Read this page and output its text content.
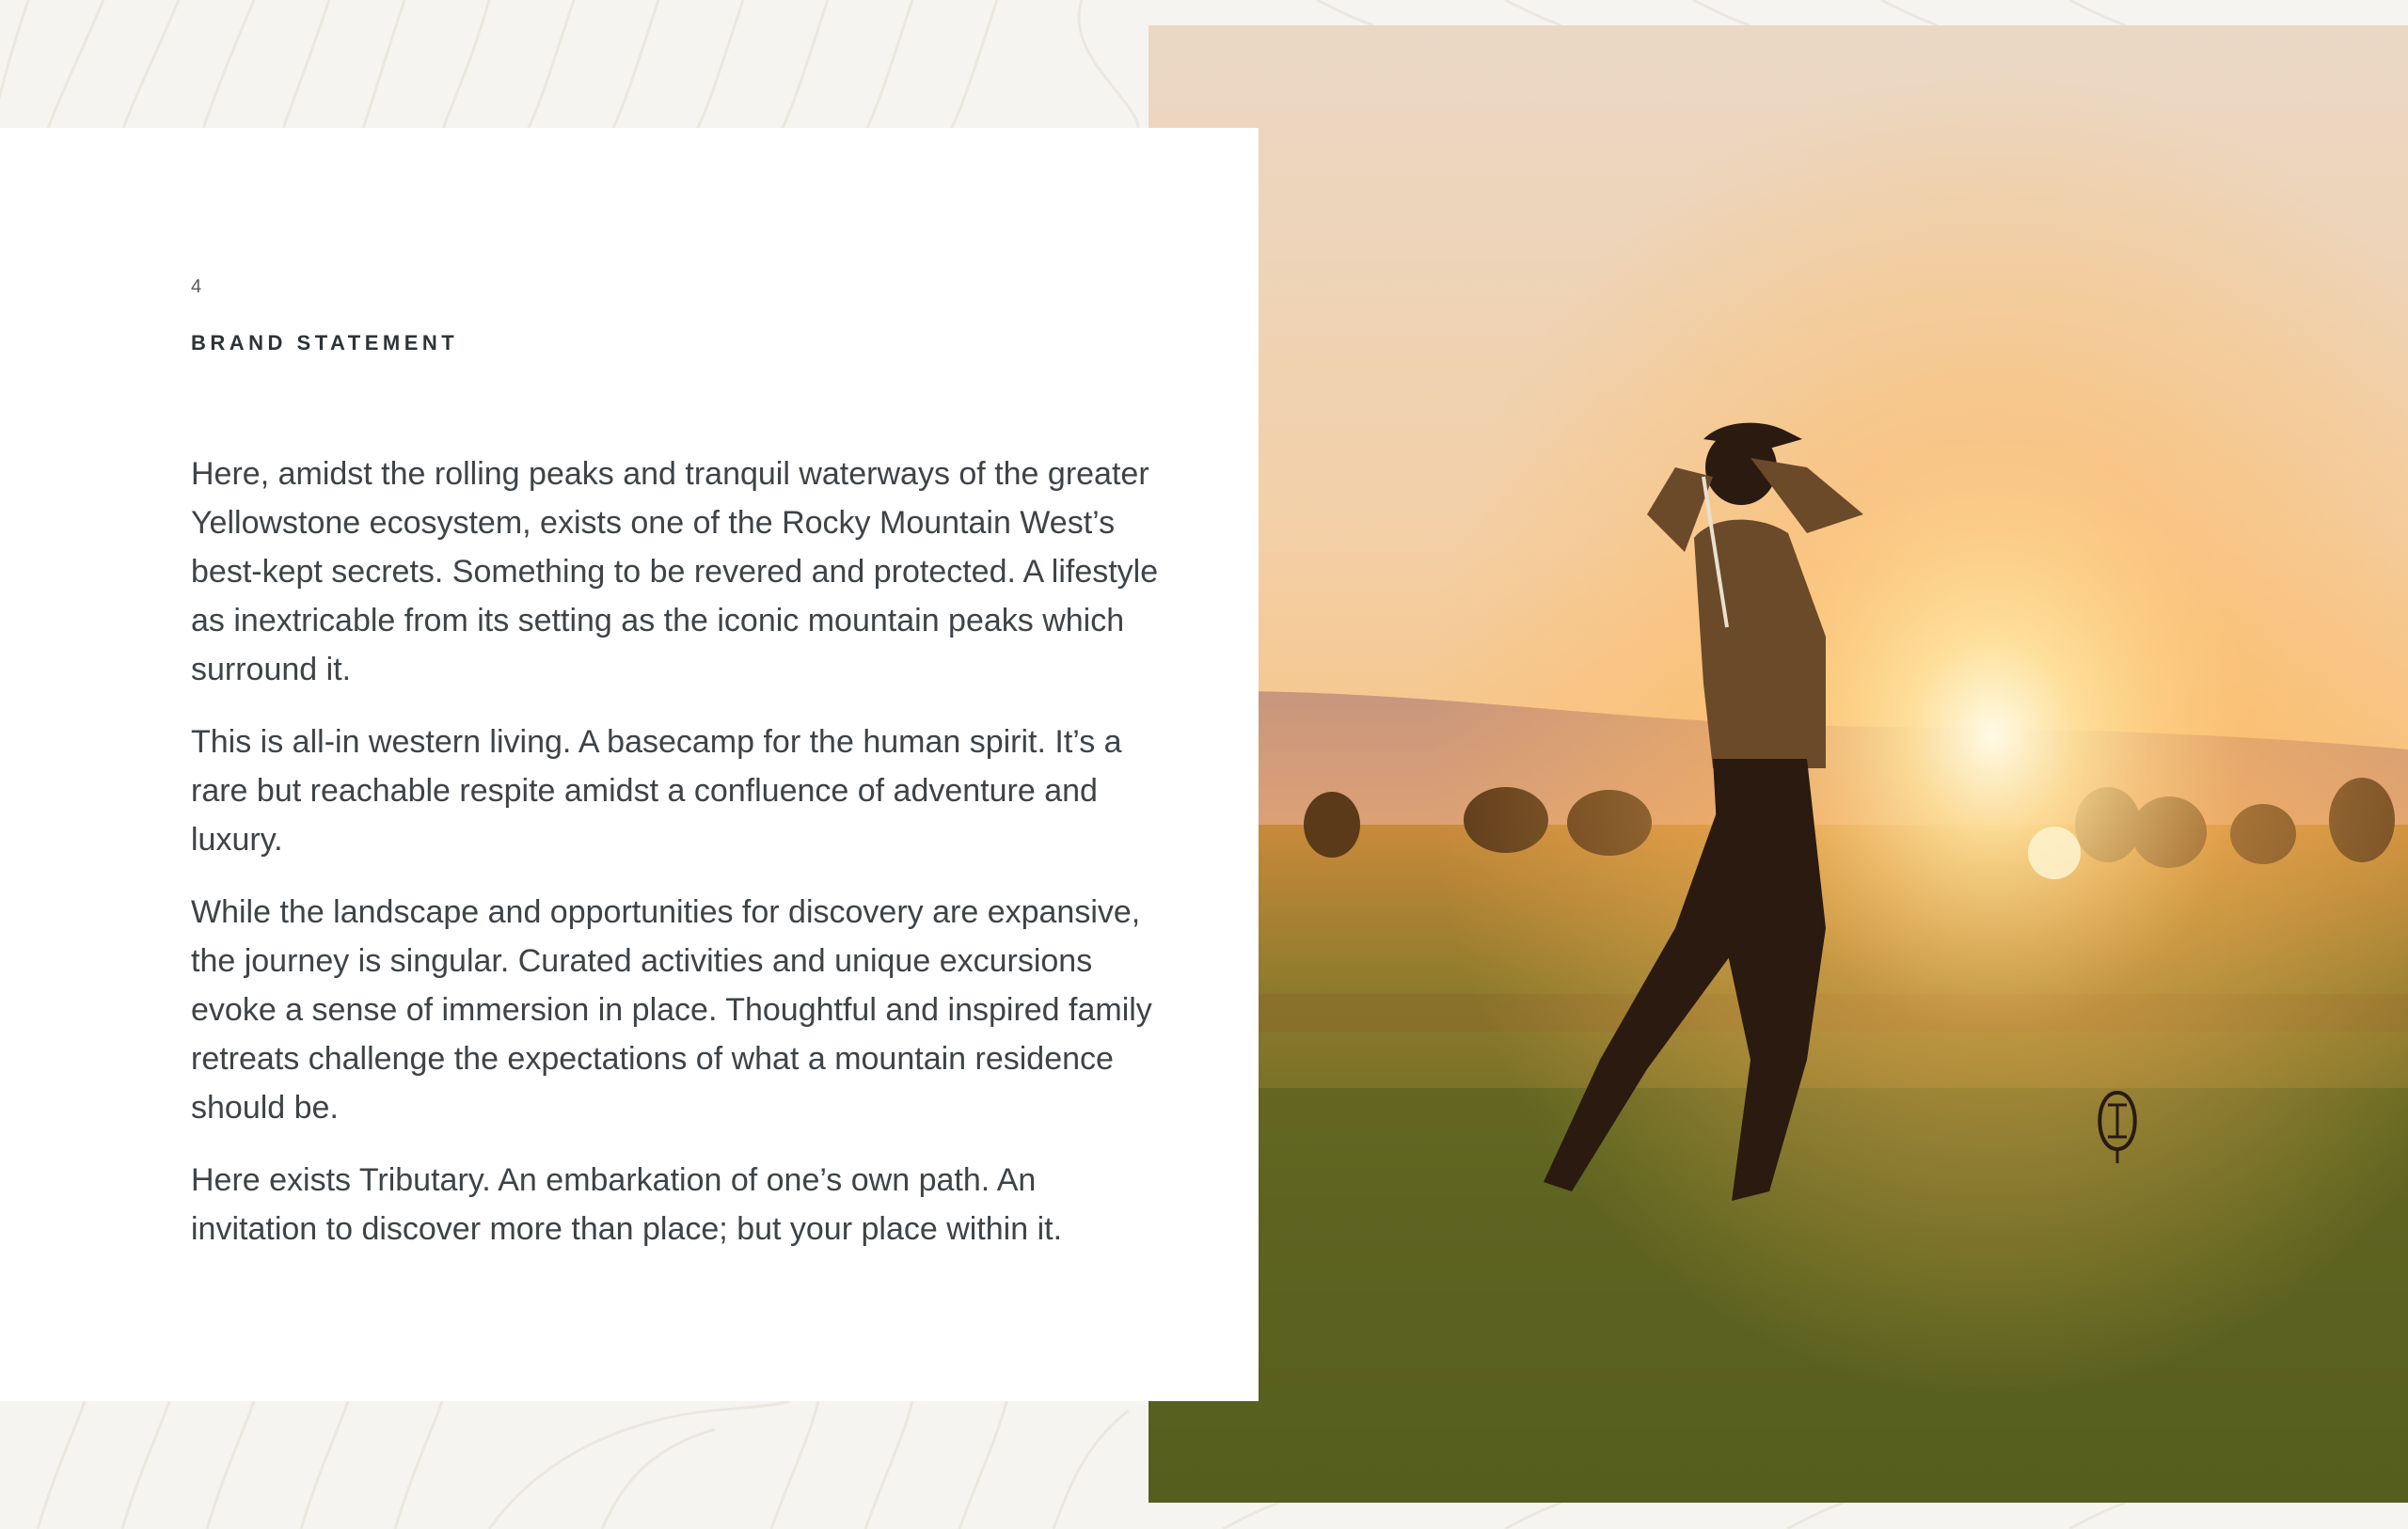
4
BRAND STATEMENT

Here, amidst the rolling peaks and tranquil waterways of the greater Yellowstone ecosystem, exists one of the Rocky Mountain West’s best-kept secrets. Something to be revered and protected. A lifestyle as inextricable from its setting as the iconic mountain peaks which surround it.

This is all-in western living. A basecamp for the human spirit. It’s a rare but reachable respite amidst a confluence of adventure and luxury.

While the landscape and opportunities for discovery are expansive, the journey is singular. Curated activities and unique excursions evoke a sense of immersion in place. Thoughtful and inspired family retreats challenge the expectations of what a mountain residence should be.

Here exists Tributary. An embarkation of one’s own path. An invitation to discover more than place; but your place within it.
